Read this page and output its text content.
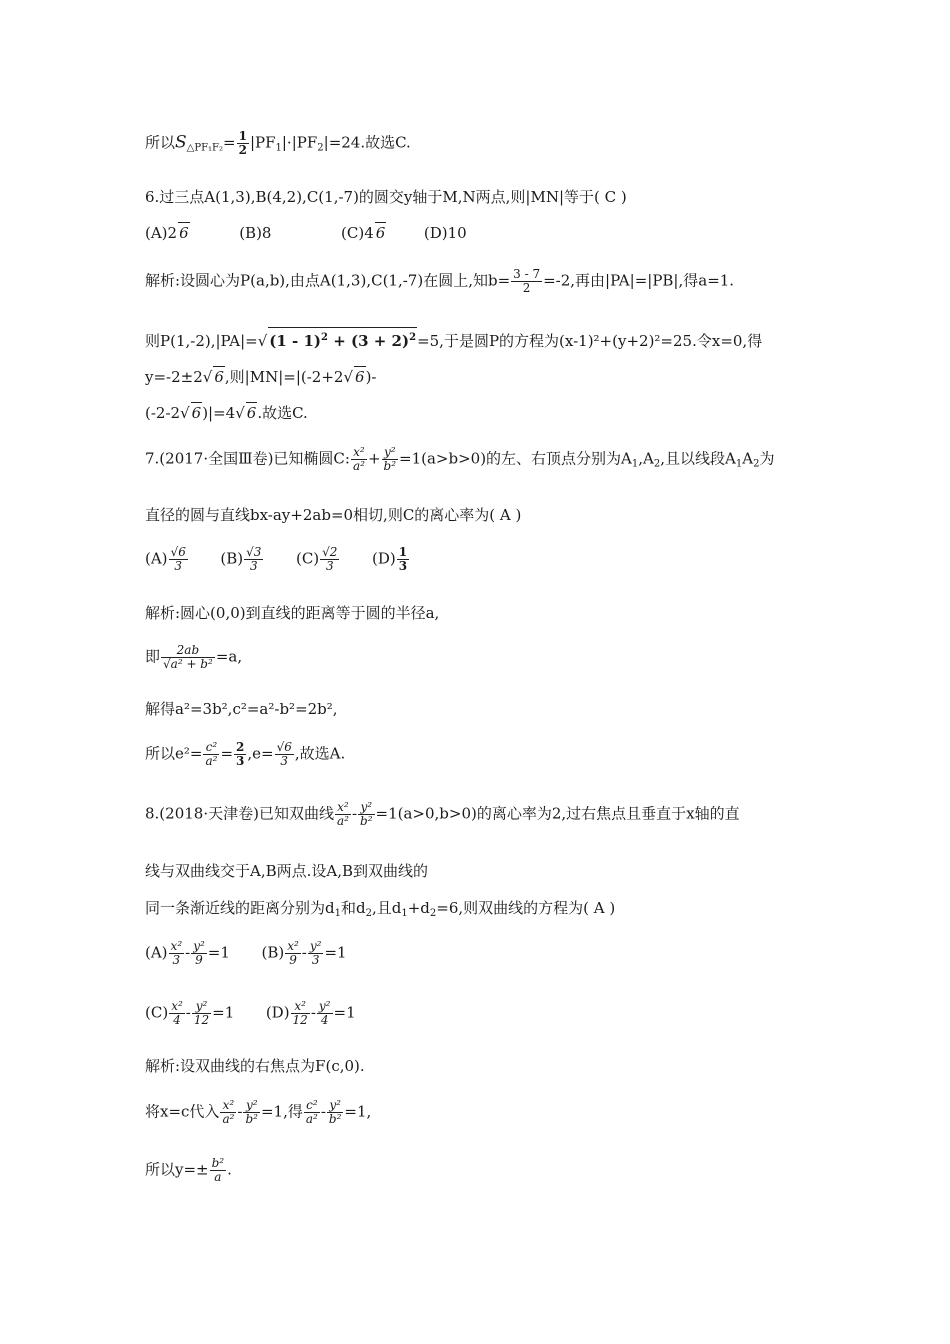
所以$S_{\triangle PF_1F_2}= \frac{1}{2} |PF_1|\cdot|PF_2|=24$.故选C.
6.过三点A(1,3),B(4,2),C(1,-7)的圆交y轴于M,N两点,则|MN|等于( C )
(A)2 6	(B)8	(C)4 6	(D)10
解析:设圆心为P(a,b),由点A(1,3),C(1,-7)在圆上,知$b= \frac{3 - 7}{2} =-2$,再由|PA|=|PB|,得a=1.
则P(1,-2),|PA|=√ $(1 - 1)^2 + (3 + 2)^2=5$,于是圆P的方程为(x-1)²+(y+2)²=25.令x=0,得
y=-2±2√ 6,则|MN|=|(-2+2√ 6)-
(-2-2√ 6)|=4√ 6.故选C.
7.(2017·全国Ⅲ卷)已知椭圆C: $\frac{\text{x²}}{\text{a²}} + \frac{\text{y²}}{\text{b²}} =1(a>b>0)$的左、右顶点分别为$A_1,A_2$,且以线段$A_1A_2$为
直径的圆与直线bx-ay+2ab=0相切,则C的离心率为( A )
$(A) \frac{√6}{3} (B) \frac{√3}{3} (C) \frac{√2}{3} (D) \frac{1}{3}$
解析:圆心(0,0)到直线的距离等于圆的半径a,
即 $\frac{2ab}{\text{√a² + b²}} =a$,
解得a²=3b²,c²=a²-b²=2b²,
所以$e^2= \frac{\text{c²}}{\text{a²}} = \frac{2}{3} ,e= \frac{√6}{3}$ ,故选A.
8.(2018·天津卷)已知双曲线 $\frac{\text{x²}}{\text{a²}} - \frac{\text{y²}}{\text{b²}} =1(a>0,b>0)$的离心率为2,过右焦点且垂直于x轴的直
线与双曲线交于A,B两点.设A,B到双曲线的
同一条渐近线的距离分别为$d_1$和$d_2$,且$d_1+d_2=6$,则双曲线的方程为( A )
$(A) \frac{\text{x²}}{3} - \frac{\text{y²}}{9} =1$ $(B) \frac{\text{x²}}{9} - \frac{\text{y²}}{3} =1$
$(C) \frac{\text{x²}}{4} - \frac{\text{y²}}{12} =1$ $(D) \frac{\text{x²}}{12} - \frac{\text{y²}}{4} =1$
解析:设双曲线的右焦点为F(c,0).
将x=c代入 $\frac{\text{x²}}{\text{a²}} - \frac{\text{y²}}{\text{b²}} =1$,得 $\frac{\text{c²}}{\text{a²}} - \frac{\text{y²}}{\text{b²}} =1$,
所以$y=\pm \frac{\text{b²}}{a}$ .
